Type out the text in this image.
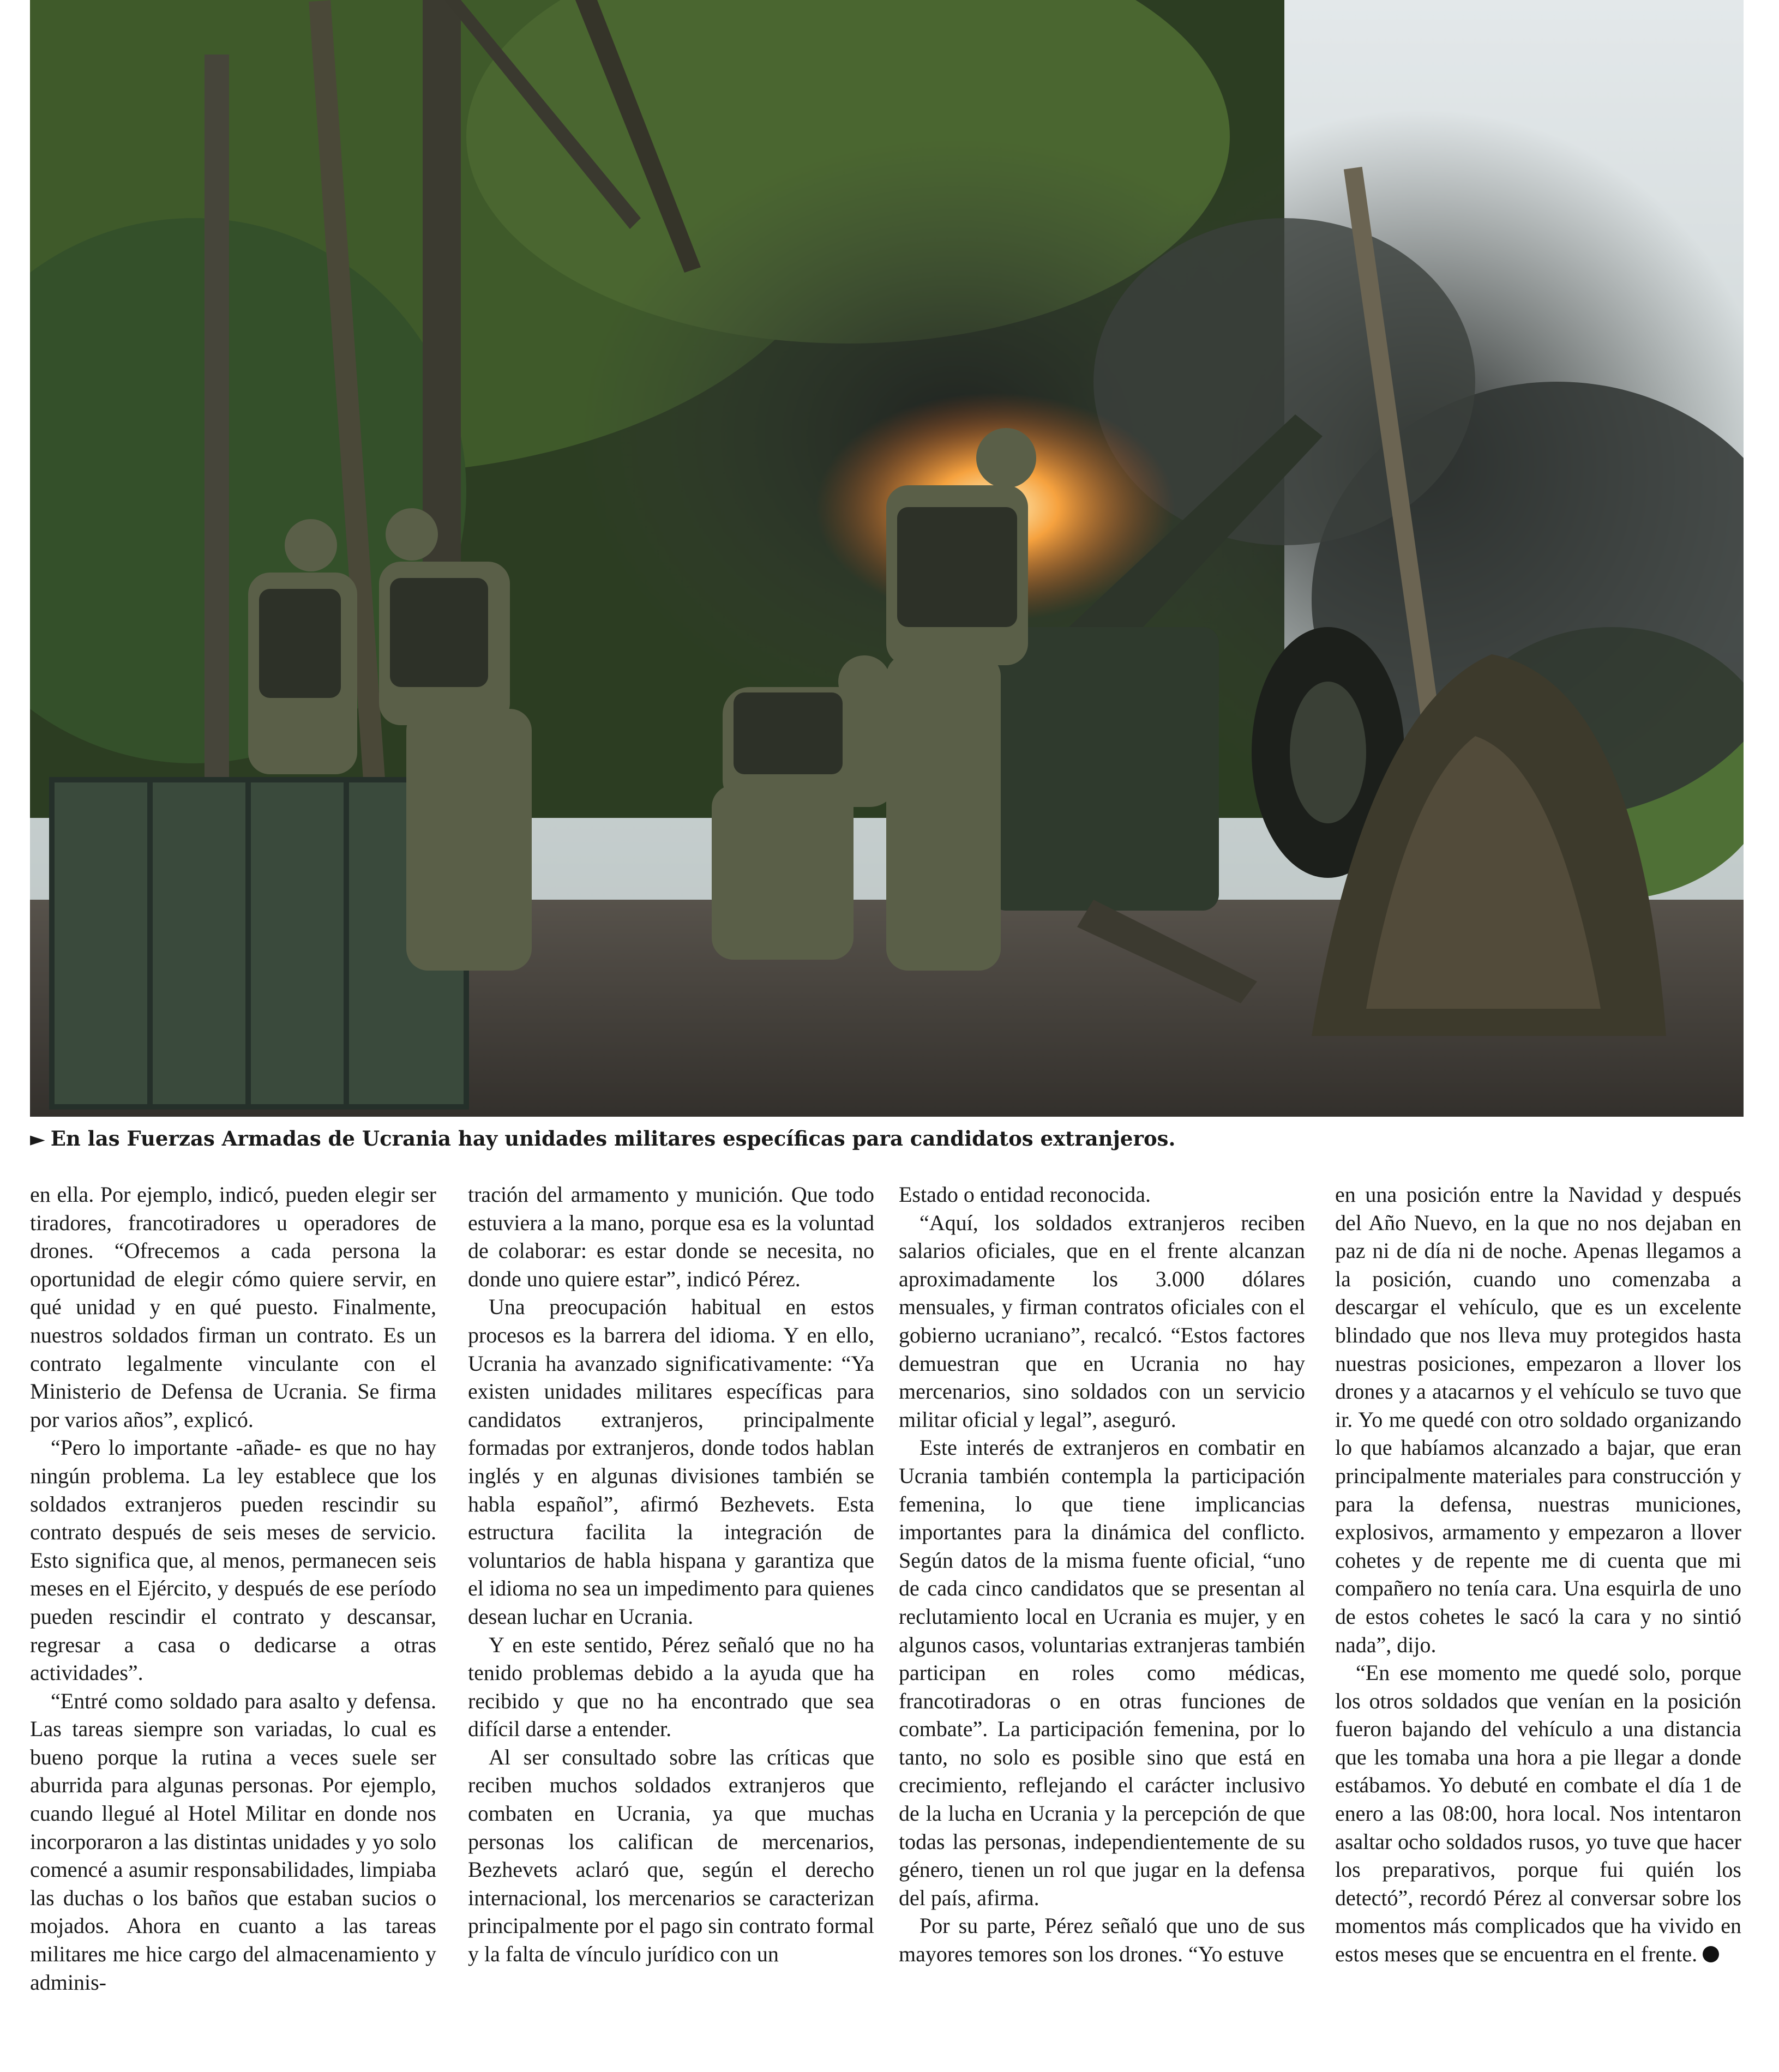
► En las Fuerzas Armadas de Ucrania hay unidades militares específicas para candidatos extranjeros.

en ella. Por ejemplo, indicó, pueden elegir ser tiradores, francotiradores u operadores de drones. “Ofrecemos a cada persona la oportunidad de elegir cómo quiere servir, en qué unidad y en qué puesto. Finalmente, nuestros soldados firman un contrato. Es un contrato legalmente vinculante con el Ministerio de Defensa de Ucrania. Se firma por varios años”, explicó.

“Pero lo importante -añade- es que no hay ningún problema. La ley establece que los soldados extranjeros pueden rescindir su contrato después de seis meses de servicio. Esto significa que, al menos, permanecen seis meses en el Ejército, y después de ese período pueden rescindir el contrato y descansar, regresar a casa o dedicarse a otras actividades”.

“Entré como soldado para asalto y defensa. Las tareas siempre son variadas, lo cual es bueno porque la rutina a veces suele ser aburrida para algunas personas. Por ejemplo, cuando llegué al Hotel Militar en donde nos incorporaron a las distintas unidades y yo solo comencé a asumir responsabilidades, limpiaba las duchas o los baños que estaban sucios o mojados. Ahora en cuanto a las tareas militares me hice cargo del almacenamiento y adminis-

tración del armamento y munición. Que todo estuviera a la mano, porque esa es la voluntad de colaborar: es estar donde se necesita, no donde uno quiere estar”, indicó Pérez.

Una preocupación habitual en estos procesos es la barrera del idioma. Y en ello, Ucrania ha avanzado significativamente: “Ya existen unidades militares específicas para candidatos extranjeros, principalmente formadas por extranjeros, donde todos hablan inglés y en algunas divisiones también se habla español”, afirmó Bezhevets. Esta estructura facilita la integración de voluntarios de habla hispana y garantiza que el idioma no sea un impedimento para quienes desean luchar en Ucrania.

Y en este sentido, Pérez señaló que no ha tenido problemas debido a la ayuda que ha recibido y que no ha encontrado que sea difícil darse a entender.

Al ser consultado sobre las críticas que reciben muchos soldados extranjeros que combaten en Ucrania, ya que muchas personas los califican de mercenarios, Bezhevets aclaró que, según el derecho internacional, los mercenarios se caracterizan principalmente por el pago sin contrato formal y la falta de vínculo jurídico con un

Estado o entidad reconocida.

“Aquí, los soldados extranjeros reciben salarios oficiales, que en el frente alcanzan aproximadamente los 3.000 dólares mensuales, y firman contratos oficiales con el gobierno ucraniano”, recalcó. “Estos factores demuestran que en Ucrania no hay mercenarios, sino soldados con un servicio militar oficial y legal”, aseguró.

Este interés de extranjeros en combatir en Ucrania también contempla la participación femenina, lo que tiene implicancias importantes para la dinámica del conflicto. Según datos de la misma fuente oficial, “uno de cada cinco candidatos que se presentan al reclutamiento local en Ucrania es mujer, y en algunos casos, voluntarias extranjeras también participan en roles como médicas, francotiradoras o en otras funciones de combate”. La participación femenina, por lo tanto, no solo es posible sino que está en crecimiento, reflejando el carácter inclusivo de la lucha en Ucrania y la percepción de que todas las personas, independientemente de su género, tienen un rol que jugar en la defensa del país, afirma.

Por su parte, Pérez señaló que uno de sus mayores temores son los drones. “Yo estuve

en una posición entre la Navidad y después del Año Nuevo, en la que no nos dejaban en paz ni de día ni de noche. Apenas llegamos a la posición, cuando uno comenzaba a descargar el vehículo, que es un excelente blindado que nos lleva muy protegidos hasta nuestras posiciones, empezaron a llover los drones y a atacarnos y el vehículo se tuvo que ir. Yo me quedé con otro soldado organizando lo que habíamos alcanzado a bajar, que eran principalmente materiales para construcción y para la defensa, nuestras municiones, explosivos, armamento y empezaron a llover cohetes y de repente me di cuenta que mi compañero no tenía cara. Una esquirla de uno de estos cohetes le sacó la cara y no sintió nada”, dijo.

“En ese momento me quedé solo, porque los otros soldados que venían en la posición fueron bajando del vehículo a una distancia que les tomaba una hora a pie llegar a donde estábamos. Yo debuté en combate el día 1 de enero a las 08:00, hora local. Nos intentaron asaltar ocho soldados rusos, yo tuve que hacer los preparativos, porque fui quién los detectó”, recordó Pérez al conversar sobre los momentos más complicados que ha vivido en estos meses que se encuentra en el frente.
